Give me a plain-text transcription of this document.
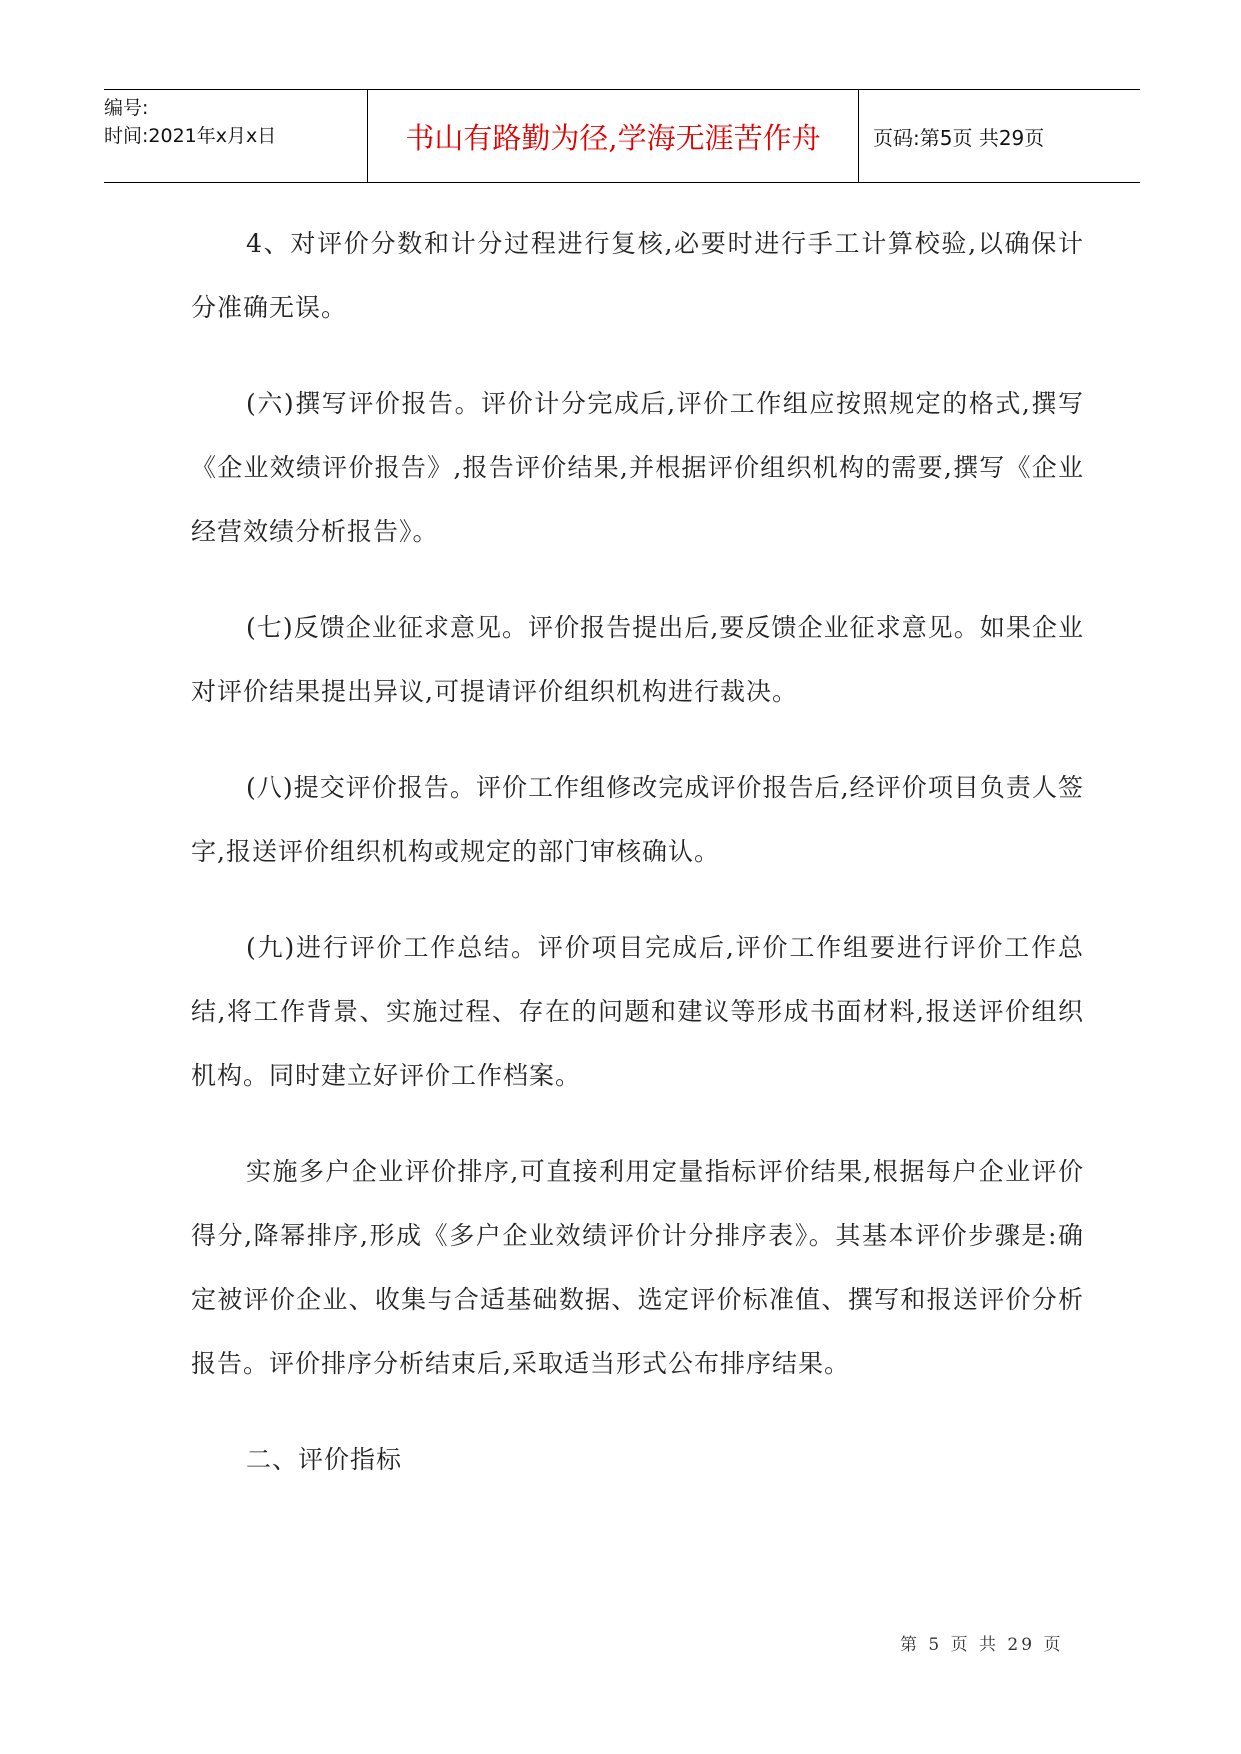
编号:
时间:2021年x月x日	书山有路勤为径,学海无涯苦作舟	页码:第5页 共29页

4、对评价分数和计分过程进行复核,必要时进行手工计算校验,以确保计分准确无误。

(六)撰写评价报告。评价计分完成后,评价工作组应按照规定的格式,撰写《企业效绩评价报告》,报告评价结果,并根据评价组织机构的需要,撰写《企业经营效绩分析报告》。

(七)反馈企业征求意见。评价报告提出后,要反馈企业征求意见。如果企业对评价结果提出异议,可提请评价组织机构进行裁决。

(八)提交评价报告。评价工作组修改完成评价报告后,经评价项目负责人签字,报送评价组织机构或规定的部门审核确认。

(九)进行评价工作总结。评价项目完成后,评价工作组要进行评价工作总结,将工作背景、实施过程、存在的问题和建议等形成书面材料,报送评价组织机构。同时建立好评价工作档案。

实施多户企业评价排序,可直接利用定量指标评价结果,根据每户企业评价得分,降幂排序,形成《多户企业效绩评价计分排序表》。其基本评价步骤是:确定被评价企业、收集与合适基础数据、选定评价标准值、撰写和报送评价分析报告。评价排序分析结束后,采取适当形式公布排序结果。

二、评价指标

第 5 页 共 29 页
